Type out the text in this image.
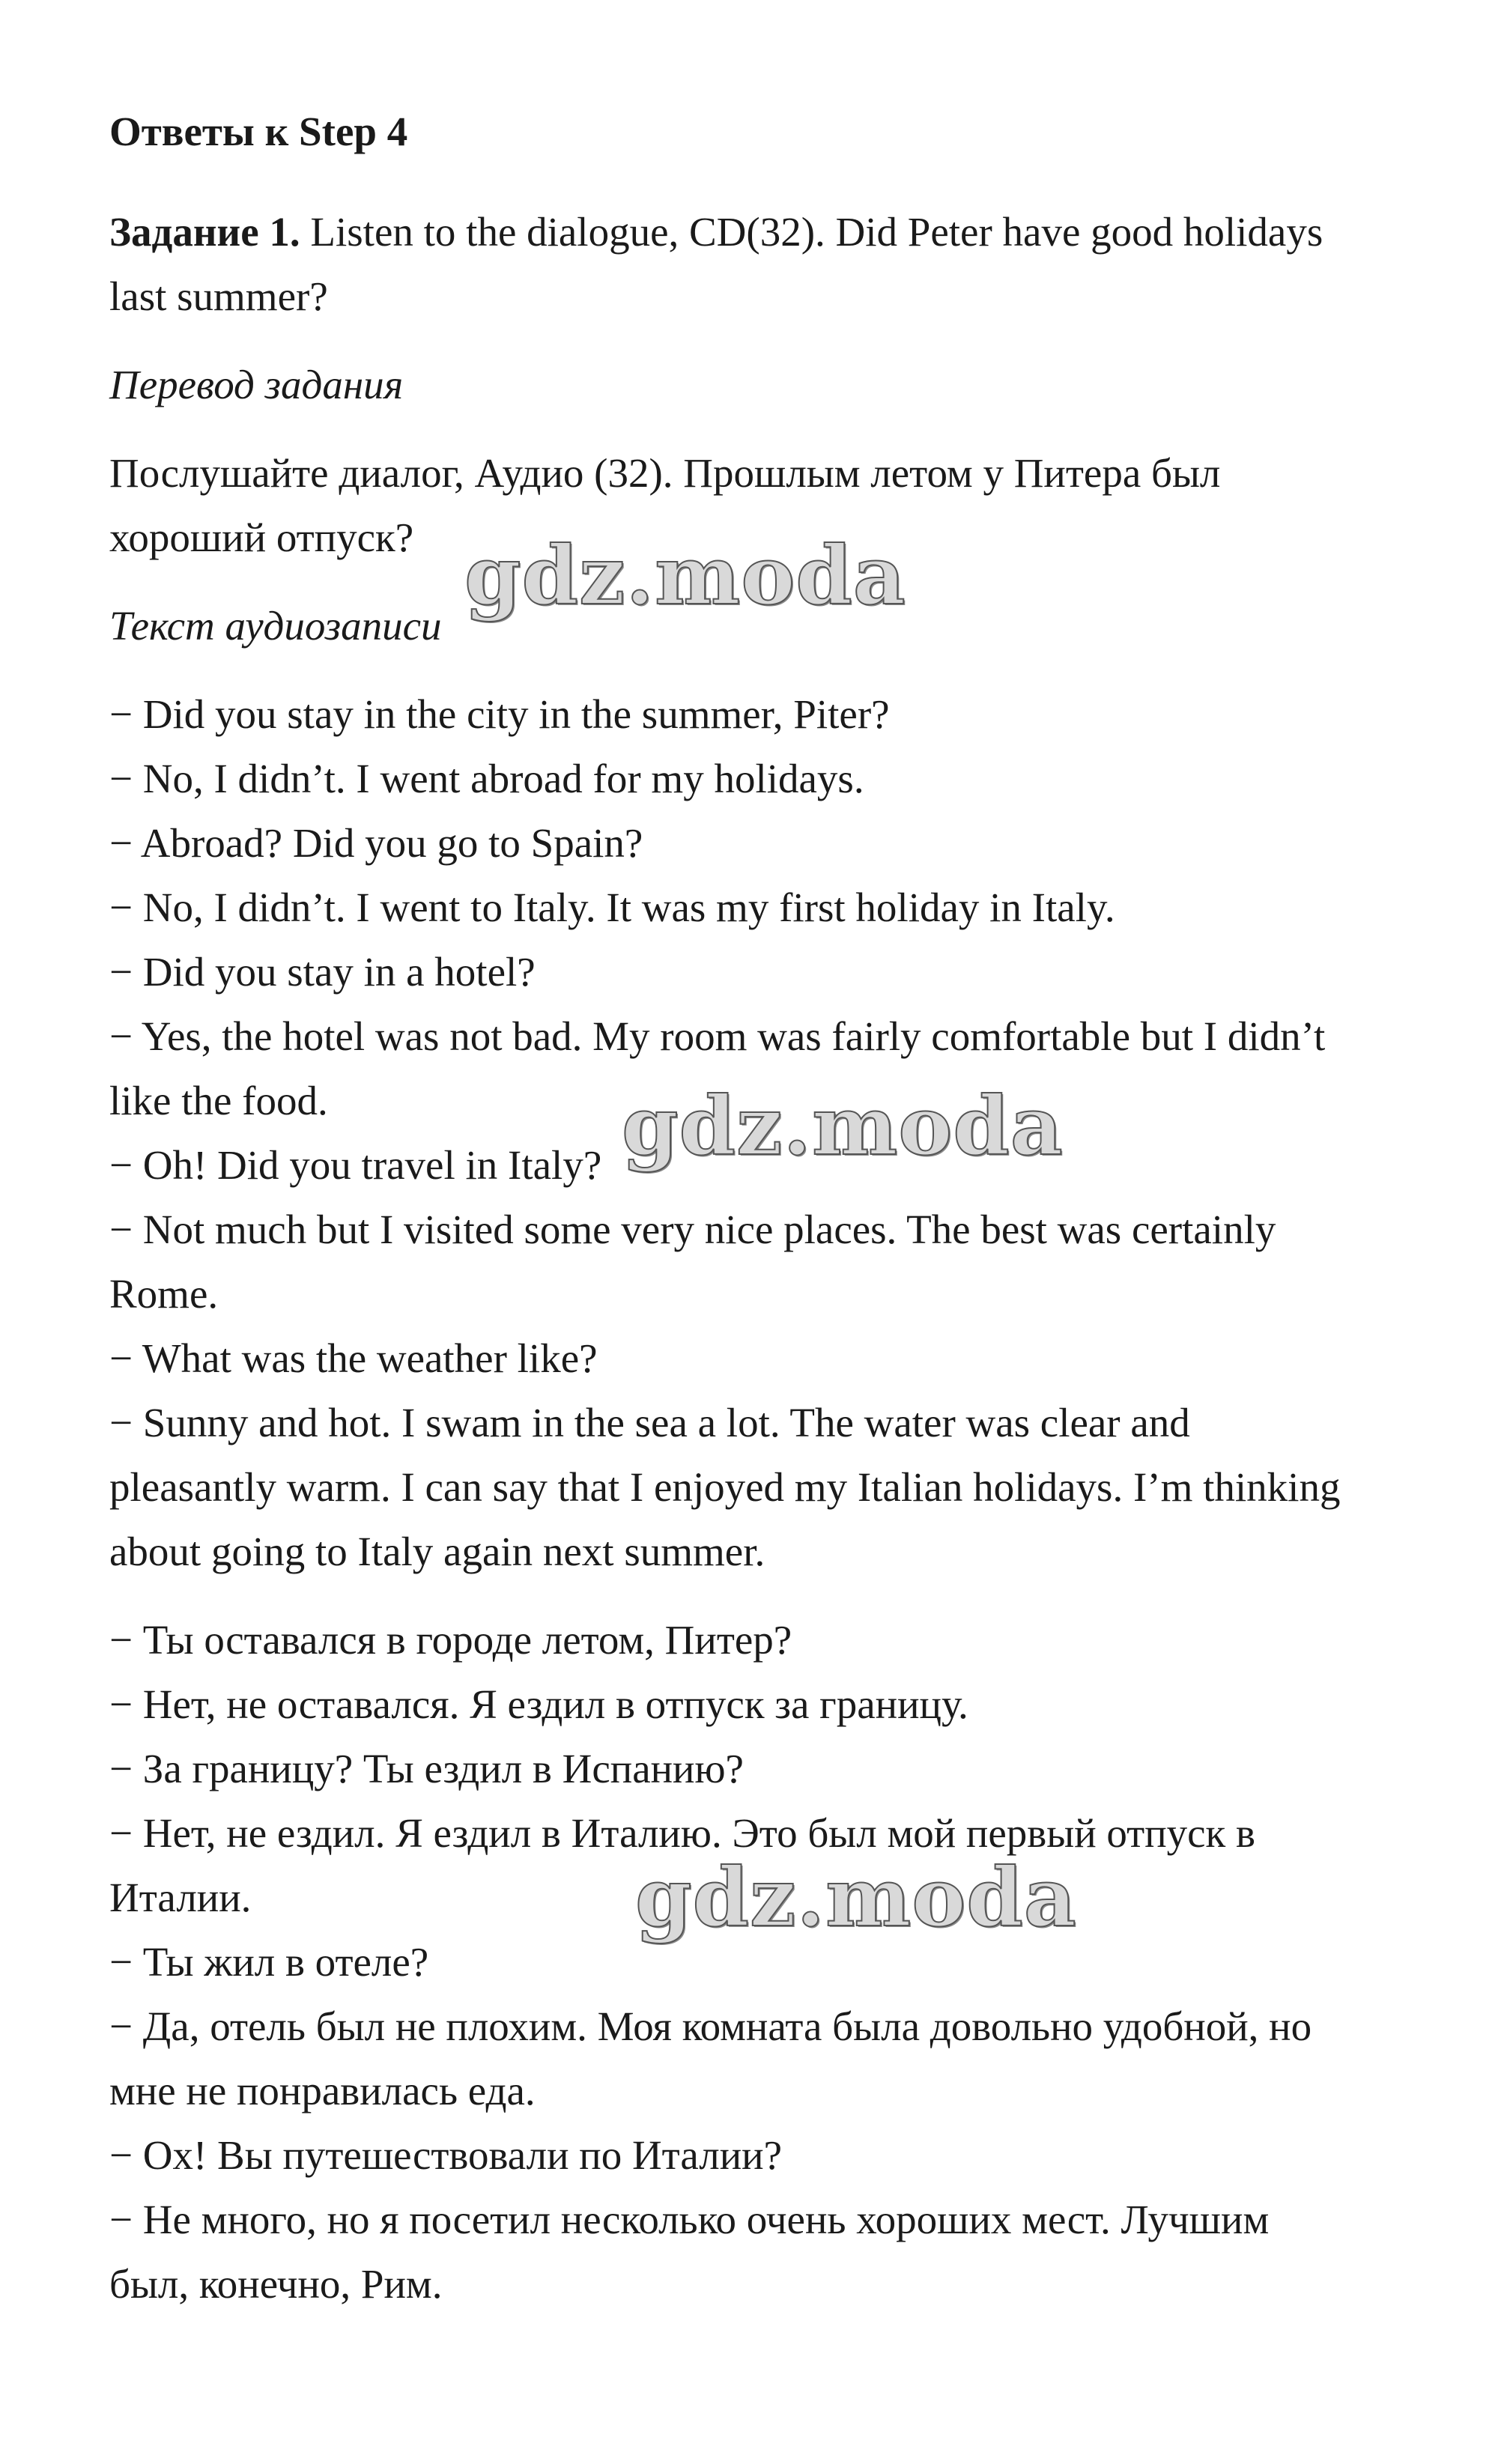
Ответы к Step 4
Задание 1. Listen to the dialogue, CD(32). Did Peter have good holidays
last summer?
Перевод задания
Послушайте диалог, Аудио (32). Прошлым летом у Питера был
хороший отпуск?
Текст аудиозаписи
− Did you stay in the city in the summer, Piter?
− No, I didn’t. I went abroad for my holidays.
− Abroad? Did you go to Spain?
− No, I didn’t. I went to Italy. It was my first holiday in Italy.
− Did you stay in a hotel?
− Yes, the hotel was not bad. My room was fairly comfortable but I didn’t
like the food.
− Oh! Did you travel in Italy?
− Not much but I visited some very nice places. The best was certainly
Rome.
− What was the weather like?
− Sunny and hot. I swam in the sea a lot. The water was clear and
pleasantly warm. I can say that I enjoyed my Italian holidays. I’m thinking
about going to Italy again next summer.
− Ты оставался в городе летом, Питер?
− Нет, не оставался. Я ездил в отпуск за границу.
− За границу? Ты ездил в Испанию?
− Нет, не ездил. Я ездил в Италию. Это был мой первый отпуск в
Италии.
− Ты жил в отеле?
− Да, отель был не плохим. Моя комната была довольно удобной, но
мне не понравилась еда.
− Ох! Вы путешествовали по Италии?
− Не много, но я посетил несколько очень хороших мест. Лучшим
был, конечно, Рим.
gdz.moda
gdz.moda
gdz.moda
